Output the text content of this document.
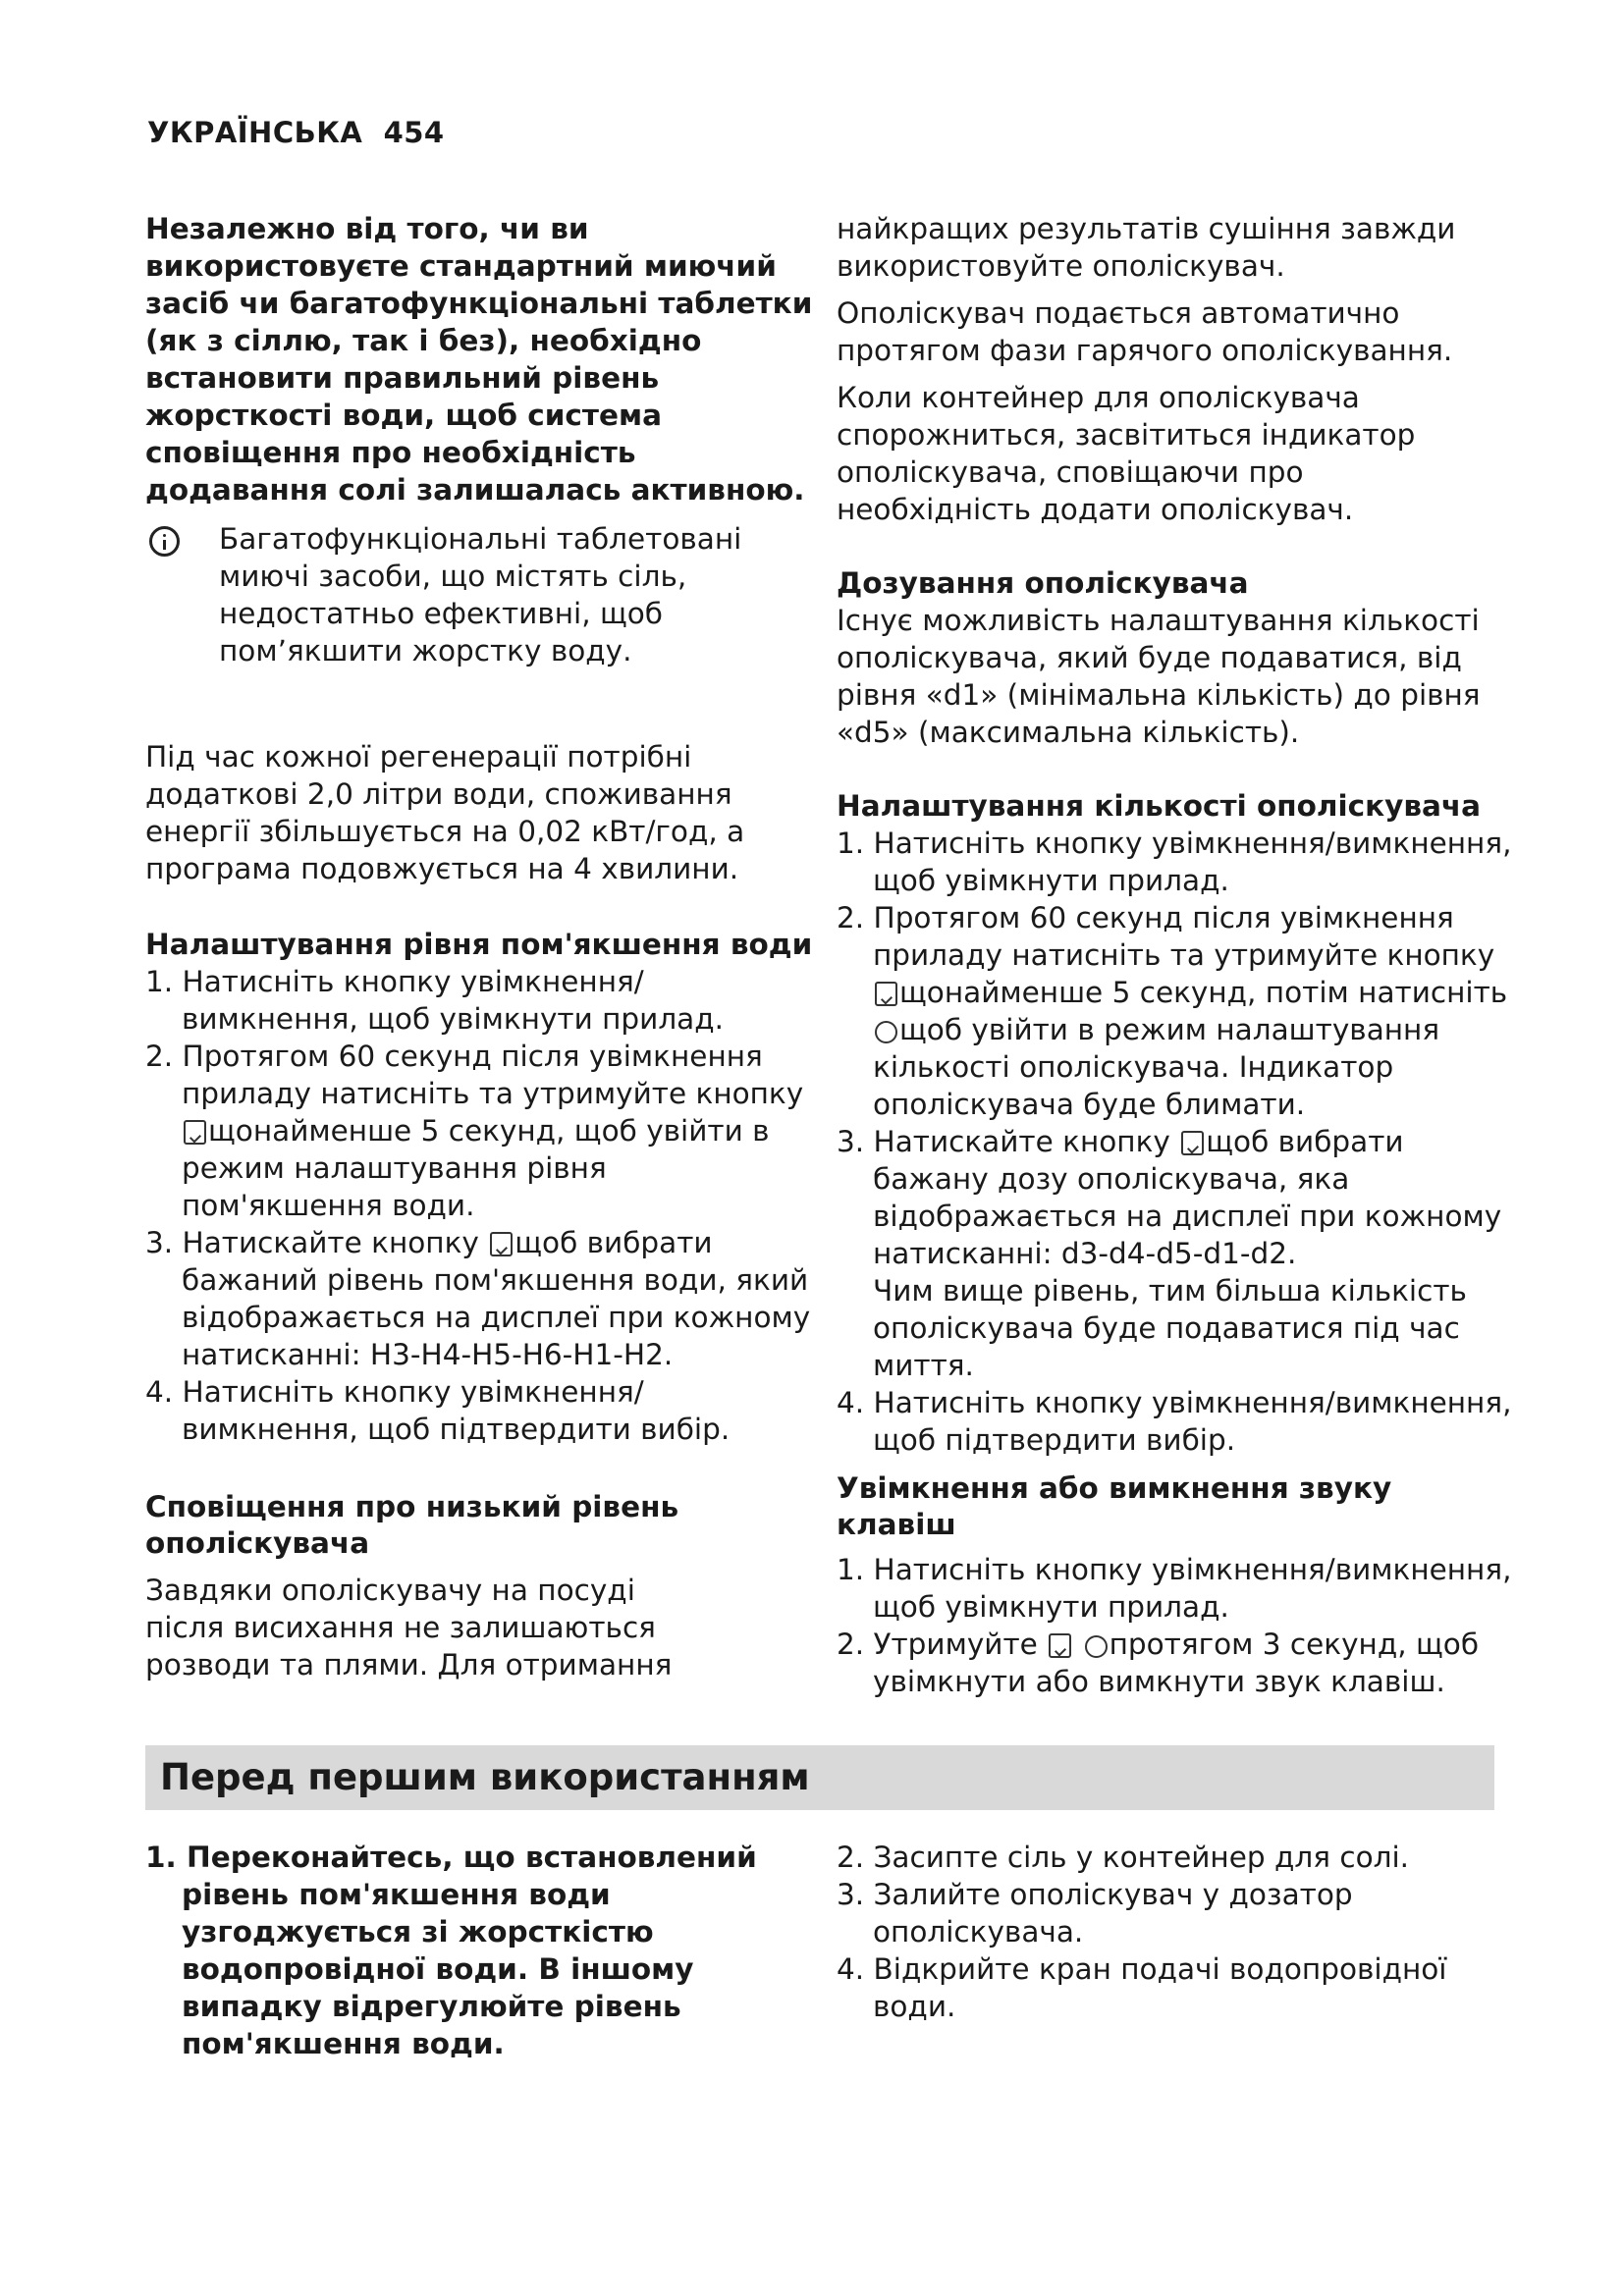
УКРАЇНСЬКА 454

Незалежно від того, чи ви використовуєте стандартний миючий засіб чи багатофункціональні таблетки (як з сіллю, так і без), необхідно встановити правильний рівень жорсткості води, щоб система сповіщення про необхідність додавання солі залишалась активною.

Багатофункціональні таблетовані миючі засоби, що містять сіль, недостатньо ефективні, щоб пом’якшити жорстку воду.

Під час кожної регенерації потрібні додаткові 2,0 літри води, споживання енергії збільшується на 0,02 кВт/год, а програма подовжується на 4 хвилини.

Налаштування рівня пом'якшення води
1. Натисніть кнопку увімкнення/вимкнення, щоб увімкнути прилад.
2. Протягом 60 секунд після увімкнення приладу натисніть та утримуйте кнопку щонайменше 5 секунд, щоб увійти в режим налаштування рівня пом'якшення води.
3. Натискайте кнопку щоб вибрати бажаний рівень пом'якшення води, який відображається на дисплеї при кожному натисканні: H3-H4-H5-H6-H1-H2.
4. Натисніть кнопку увімкнення/вимкнення, щоб підтвердити вибір.
Сповіщення про низький рівень ополіскувача

Завдяки ополіскувачу на посуді після висихання не залишаються розводи та плями. Для отримання

найкращих результатів сушіння завжди використовуйте ополіскувач.

Ополіскувач подається автоматично протягом фази гарячого ополіскування.

Коли контейнер для ополіскувача спорожниться, засвітиться індикатор ополіскувача, сповіщаючи про необхідність додати ополіскувач.

Дозування ополіскувача

Існує можливість налаштування кількості ополіскувача, який буде подаватися, від рівня «d1» (мінімальна кількість) до рівня «d5» (максимальна кількість).

Налаштування кількості ополіскувача
1. Натисніть кнопку увімкнення/вимкнення, щоб увімкнути прилад.
2. Протягом 60 секунд після увімкнення приладу натисніть та утримуйте кнопку щонайменше 5 секунд, потім натисніть щоб увійти в режим налаштування кількості ополіскувача. Індикатор ополіскувача буде блимати.
3. Натискайте кнопку щоб вибрати бажану дозу ополіскувача, яка відображається на дисплеї при кожному натисканні: d3-d4-d5-d1-d2.
Чим вище рівень, тим більша кількість ополіскувача буде подаватися під час миття.
4. Натисніть кнопку увімкнення/вимкнення, щоб підтвердити вибір.
Увімкнення або вимкнення звуку клавіш
1. Натисніть кнопку увімкнення/вимкнення, щоб увімкнути прилад.
2. Утримуйте  протягом 3 секунд, щоб увімкнути або вимкнути звук клавіш.
Перед першим використанням
1. Переконайтесь, що встановлений рівень пом'якшення води узгоджується зі жорсткістю водопровідної води. В іншому випадку відрегулюйте рівень пом'якшення води.
2. Засипте сіль у контейнер для солі.
3. Залийте ополіскувач у дозатор ополіскувача.
4. Відкрийте кран подачі водопровідної води.
